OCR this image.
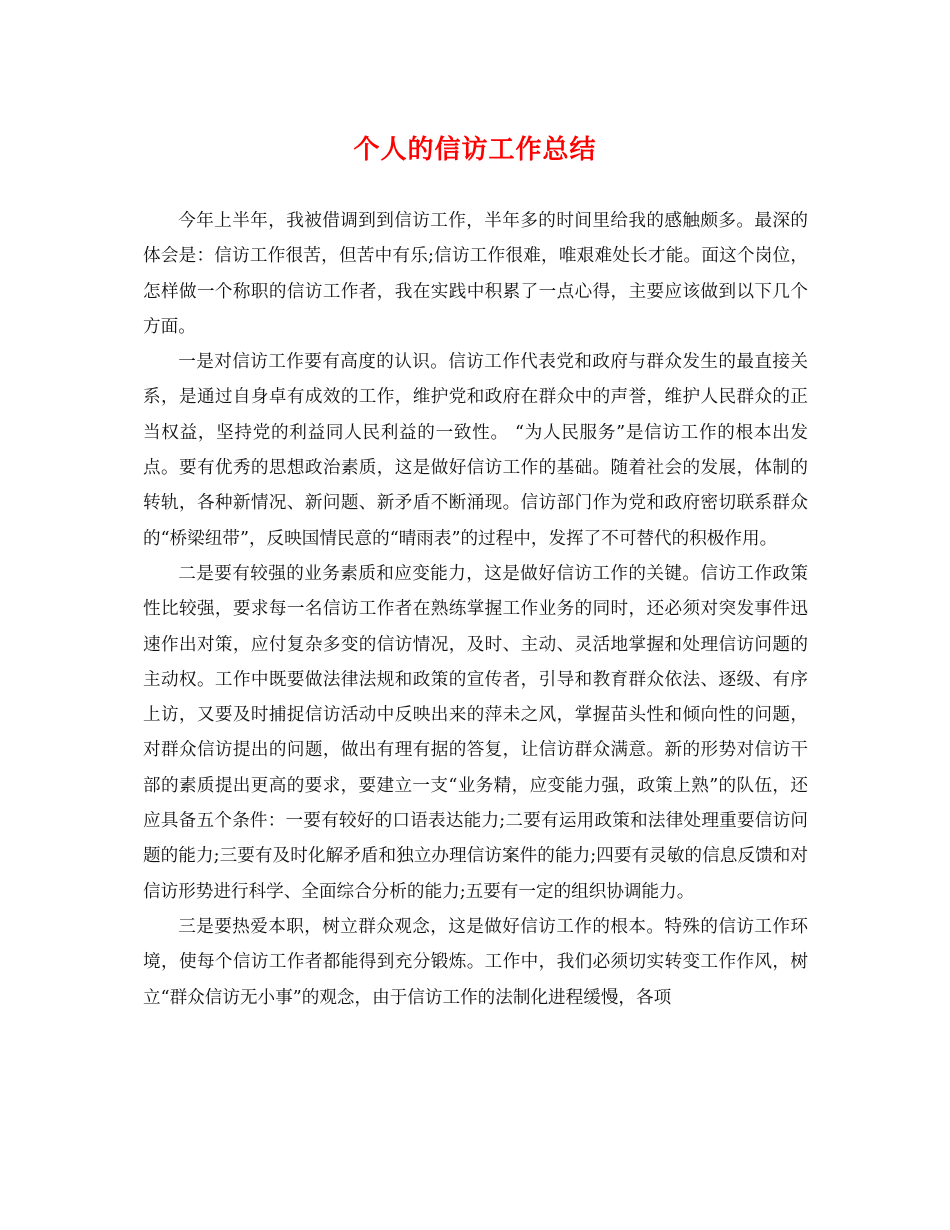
个人的信访工作总结

今年上半年，我被借调到到信访工作，半年多的时间里给我的感触颇多。最深的体会是：信访工作很苦，但苦中有乐;信访工作很难，唯艰难处长才能。面这个岗位，怎样做一个称职的信访工作者，我在实践中积累了一点心得，主要应该做到以下几个方面。

一是对信访工作要有高度的认识。信访工作代表党和政府与群众发生的最直接关系，是通过自身卓有成效的工作，维护党和政府在群众中的声誉，维护人民群众的正当权益，坚持党的利益同人民利益的一致性。 “为人民服务”是信访工作的根本出发点。要有优秀的思想政治素质，这是做好信访工作的基础。随着社会的发展，体制的转轨，各种新情况、新问题、新矛盾不断涌现。信访部门作为党和政府密切联系群众的“桥梁纽带”，反映国情民意的“晴雨表”的过程中，发挥了不可替代的积极作用。

二是要有较强的业务素质和应变能力，这是做好信访工作的关键。信访工作政策性比较强，要求每一名信访工作者在熟练掌握工作业务的同时，还必须对突发事件迅速作出对策，应付复杂多变的信访情况，及时、主动、灵活地掌握和处理信访问题的主动权。工作中既要做法律法规和政策的宣传者，引导和教育群众依法、逐级、有序上访，又要及时捕捉信访活动中反映出来的萍未之风，掌握苗头性和倾向性的问题，对群众信访提出的问题，做出有理有据的答复，让信访群众满意。新的形势对信访干部的素质提出更高的要求，要建立一支“业务精，应变能力强，政策上熟”的队伍，还应具备五个条件：一要有较好的口语表达能力;二要有运用政策和法律处理重要信访问题的能力;三要有及时化解矛盾和独立办理信访案件的能力;四要有灵敏的信息反馈和对信访形势进行科学、全面综合分析的能力;五要有一定的组织协调能力。

三是要热爱本职，树立群众观念，这是做好信访工作的根本。特殊的信访工作环境，使每个信访工作者都能得到充分锻炼。工作中，我们必须切实转变工作作风，树立“群众信访无小事”的观念，由于信访工作的法制化进程缓慢，各项
